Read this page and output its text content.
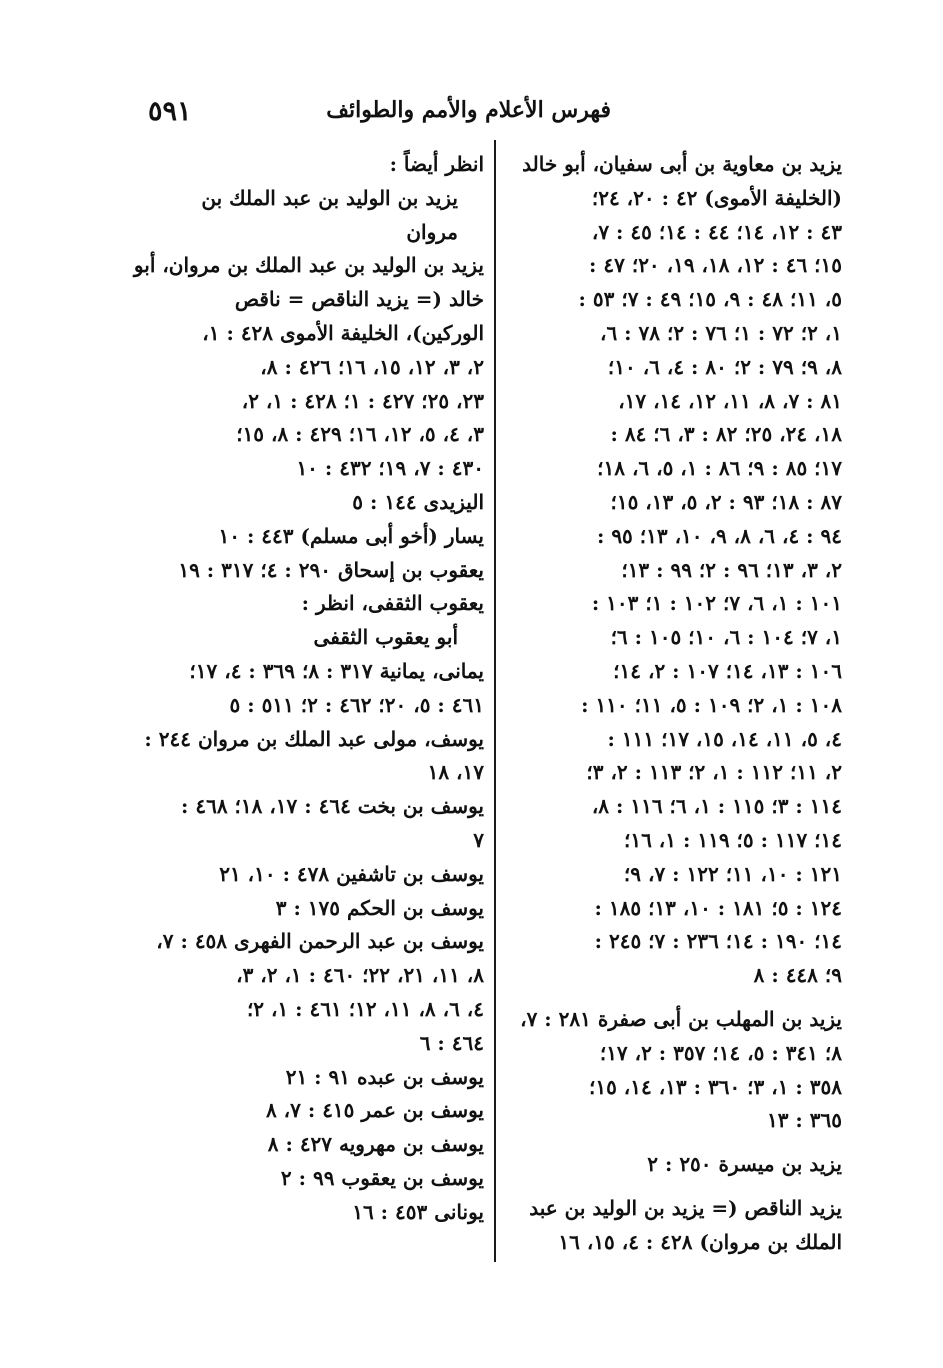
٥٩١	فهرس الأعلام والأمم والطوائف
يزيد بن معاوية بن أبى سفيان، أبو خالد
(الخليفة الأموى) ٤٢ : ٢٠، ٢٤؛
٤٣ : ١٢، ١٤؛ ٤٤ : ١٤؛ ٤٥ : ٧،
١٥؛ ٤٦ : ١٢، ١٨، ١٩، ٢٠؛ ٤٧ :
٥، ١١؛ ٤٨ : ٩، ١٥؛ ٤٩ : ٧؛ ٥٣ :
١، ٢؛ ٧٢ : ١؛ ٧٦ : ٢؛ ٧٨ : ٦،
٨، ٩؛ ٧٩ : ٢؛ ٨٠ : ٤، ٦، ١٠؛
٨١ : ٧، ٨، ١١، ١٢، ١٤، ١٧،
١٨، ٢٤، ٢٥؛ ٨٢ : ٣، ٦؛ ٨٤ :
١٧؛ ٨٥ : ٩؛ ٨٦ : ١، ٥، ٦، ١٨؛
٨٧ : ١٨؛ ٩٣ : ٢، ٥، ١٣، ١٥؛
٩٤ : ٤، ٦، ٨، ٩، ١٠، ١٣؛ ٩٥ :
٢، ٣، ١٣؛ ٩٦ : ٢؛ ٩٩ : ١٣؛
١٠١ : ١، ٦، ٧؛ ١٠٢ : ١؛ ١٠٣ :
١، ٧؛ ١٠٤ : ٦، ١٠؛ ١٠٥ : ٦؛
١٠٦ : ١٣، ١٤؛ ١٠٧ : ٢، ١٤؛
١٠٨ : ١، ٢؛ ١٠٩ : ٥، ١١؛ ١١٠ :
٤، ٥، ١١، ١٤، ١٥، ١٧؛ ١١١ :
٢، ١١؛ ١١٢ : ١، ٢؛ ١١٣ : ٢، ٣؛
١١٤ : ٣؛ ١١٥ : ١، ٦؛ ١١٦ : ٨،
١٤؛ ١١٧ : ٥؛ ١١٩ : ١، ١٦؛
١٢١ : ١٠، ١١؛ ١٢٢ : ٧، ٩؛
١٢٤ : ٥؛ ١٨١ : ١٠، ١٣؛ ١٨٥ :
١٤؛ ١٩٠ : ١٤؛ ٢٣٦ : ٧؛ ٢٤٥ :
٩؛ ٤٤٨ : ٨
يزيد بن المهلب بن أبى صفرة ٢٨١ : ٧،
٨؛ ٣٤١ : ٥، ١٤؛ ٣٥٧ : ٢، ١٧؛
٣٥٨ : ١، ٣؛ ٣٦٠ : ١٣، ١٤، ١٥؛
٣٦٥ : ١٣
يزيد بن ميسرة ٢٥٠ : ٢
يزيد الناقص (= يزيد بن الوليد بن عبد
الملك بن مروان) ٤٢٨ : ٤، ١٥، ١٦
انظر أيضاً :
يزيد بن الوليد بن عبد الملك بن
مروان
يزيد بن الوليد بن عبد الملك بن مروان، أبو
خالد (= يزيد الناقص = ناقص
الوركين)، الخليفة الأموى ٤٢٨ : ١،
٢، ٣، ١٢، ١٥، ١٦؛ ٤٢٦ : ٨،
٢٣، ٢٥؛ ٤٢٧ : ١؛ ٤٢٨ : ١، ٢،
٣، ٤، ٥، ١٢، ١٦؛ ٤٢٩ : ٨، ١٥؛
٤٣٠ : ٧، ١٩؛ ٤٣٢ : ١٠
اليزيدى ١٤٤ : ٥
يسار (أخو أبى مسلم) ٤٤٣ : ١٠
يعقوب بن إسحاق ٢٩٠ : ٤؛ ٣١٧ : ١٩
يعقوب الثقفى، انظر :
أبو يعقوب الثقفى
يمانى، يمانية ٣١٧ : ٨؛ ٣٦٩ : ٤، ١٧؛
٤٦١ : ٥، ٢٠؛ ٤٦٢ : ٢؛ ٥١١ : ٥
يوسف، مولى عبد الملك بن مروان ٢٤٤ :
١٧، ١٨
يوسف بن بخت ٤٦٤ : ١٧، ١٨؛ ٤٦٨ :
٧
يوسف بن تاشفين ٤٧٨ : ١٠، ٢١
يوسف بن الحكم ١٧٥ : ٣
يوسف بن عبد الرحمن الفهرى ٤٥٨ : ٧،
٨، ١١، ٢١، ٢٢؛ ٤٦٠ : ١، ٢، ٣،
٤، ٦، ٨، ١١، ١٢؛ ٤٦١ : ١، ٢؛
٤٦٤ : ٦
يوسف بن عبده ٩١ : ٢١
يوسف بن عمر ٤١٥ : ٧، ٨
يوسف بن مهرويه ٤٢٧ : ٨
يوسف بن يعقوب ٩٩ : ٢
يونانى ٤٥٣ : ١٦
